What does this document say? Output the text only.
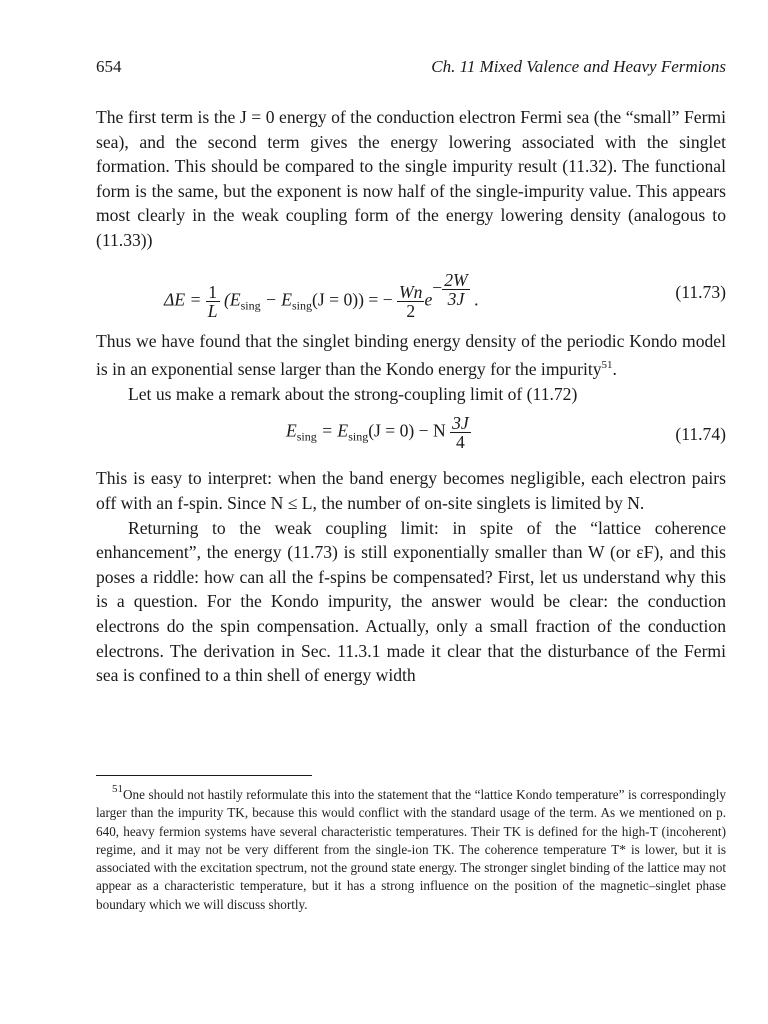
654	Ch. 11 Mixed Valence and Heavy Fermions

The first term is the J = 0 energy of the conduction electron Fermi sea (the “small” Fermi sea), and the second term gives the energy lowering associated with the singlet formation. This should be compared to the single impurity result (11.32). The functional form is the same, but the exponent is now half of the single-impurity value. This appears most clearly in the weak coupling form of the energy lowering density (analogous to (11.33))

$\Delta E = \frac{1}{L} (E_{sing} - E_{sing}(J = 0))$ = − $\frac{Wn}{2} e- \frac{2W}{3J}$ .	(11.73)

Thus we have found that the singlet binding energy density of the periodic Kondo model is in an exponential sense larger than the Kondo energy for the impurity$^{51}$.

Let us make a remark about the strong-coupling limit of (11.72)

$E_{sing} = E_{sing}(J = 0) - N \frac{3J}{4}$	(11.74)

This is easy to interpret: when the band energy becomes negligible, each electron pairs off with an f-spin. Since N ≤ L, the number of on-site singlets is limited by N.

Returning to the weak coupling limit: in spite of the “lattice coherence enhancement”, the energy (11.73) is still exponentially smaller than W (or εF), and this poses a riddle: how can all the f-spins be compensated? First, let us understand why this is a question. For the Kondo impurity, the answer would be clear: the conduction electrons do the spin compensation. Actually, only a small fraction of the conduction electrons. The derivation in Sec. 11.3.1 made it clear that the disturbance of the Fermi sea is confined to a thin shell of energy width

$^{51}$One should not hastily reformulate this into the statement that the “lattice Kondo temperature” is correspondingly larger than the impurity TK, because this would conflict with the standard usage of the term. As we mentioned on p. 640, heavy fermion systems have several characteristic temperatures. Their TK is defined for the high-T (incoherent) regime, and it may not be very different from the single-ion TK. The coherence temperature T* is lower, but it is associated with the excitation spectrum, not the ground state energy. The stronger singlet binding of the lattice may not appear as a characteristic temperature, but it has a strong influence on the position of the magnetic–singlet phase boundary which we will discuss shortly.
